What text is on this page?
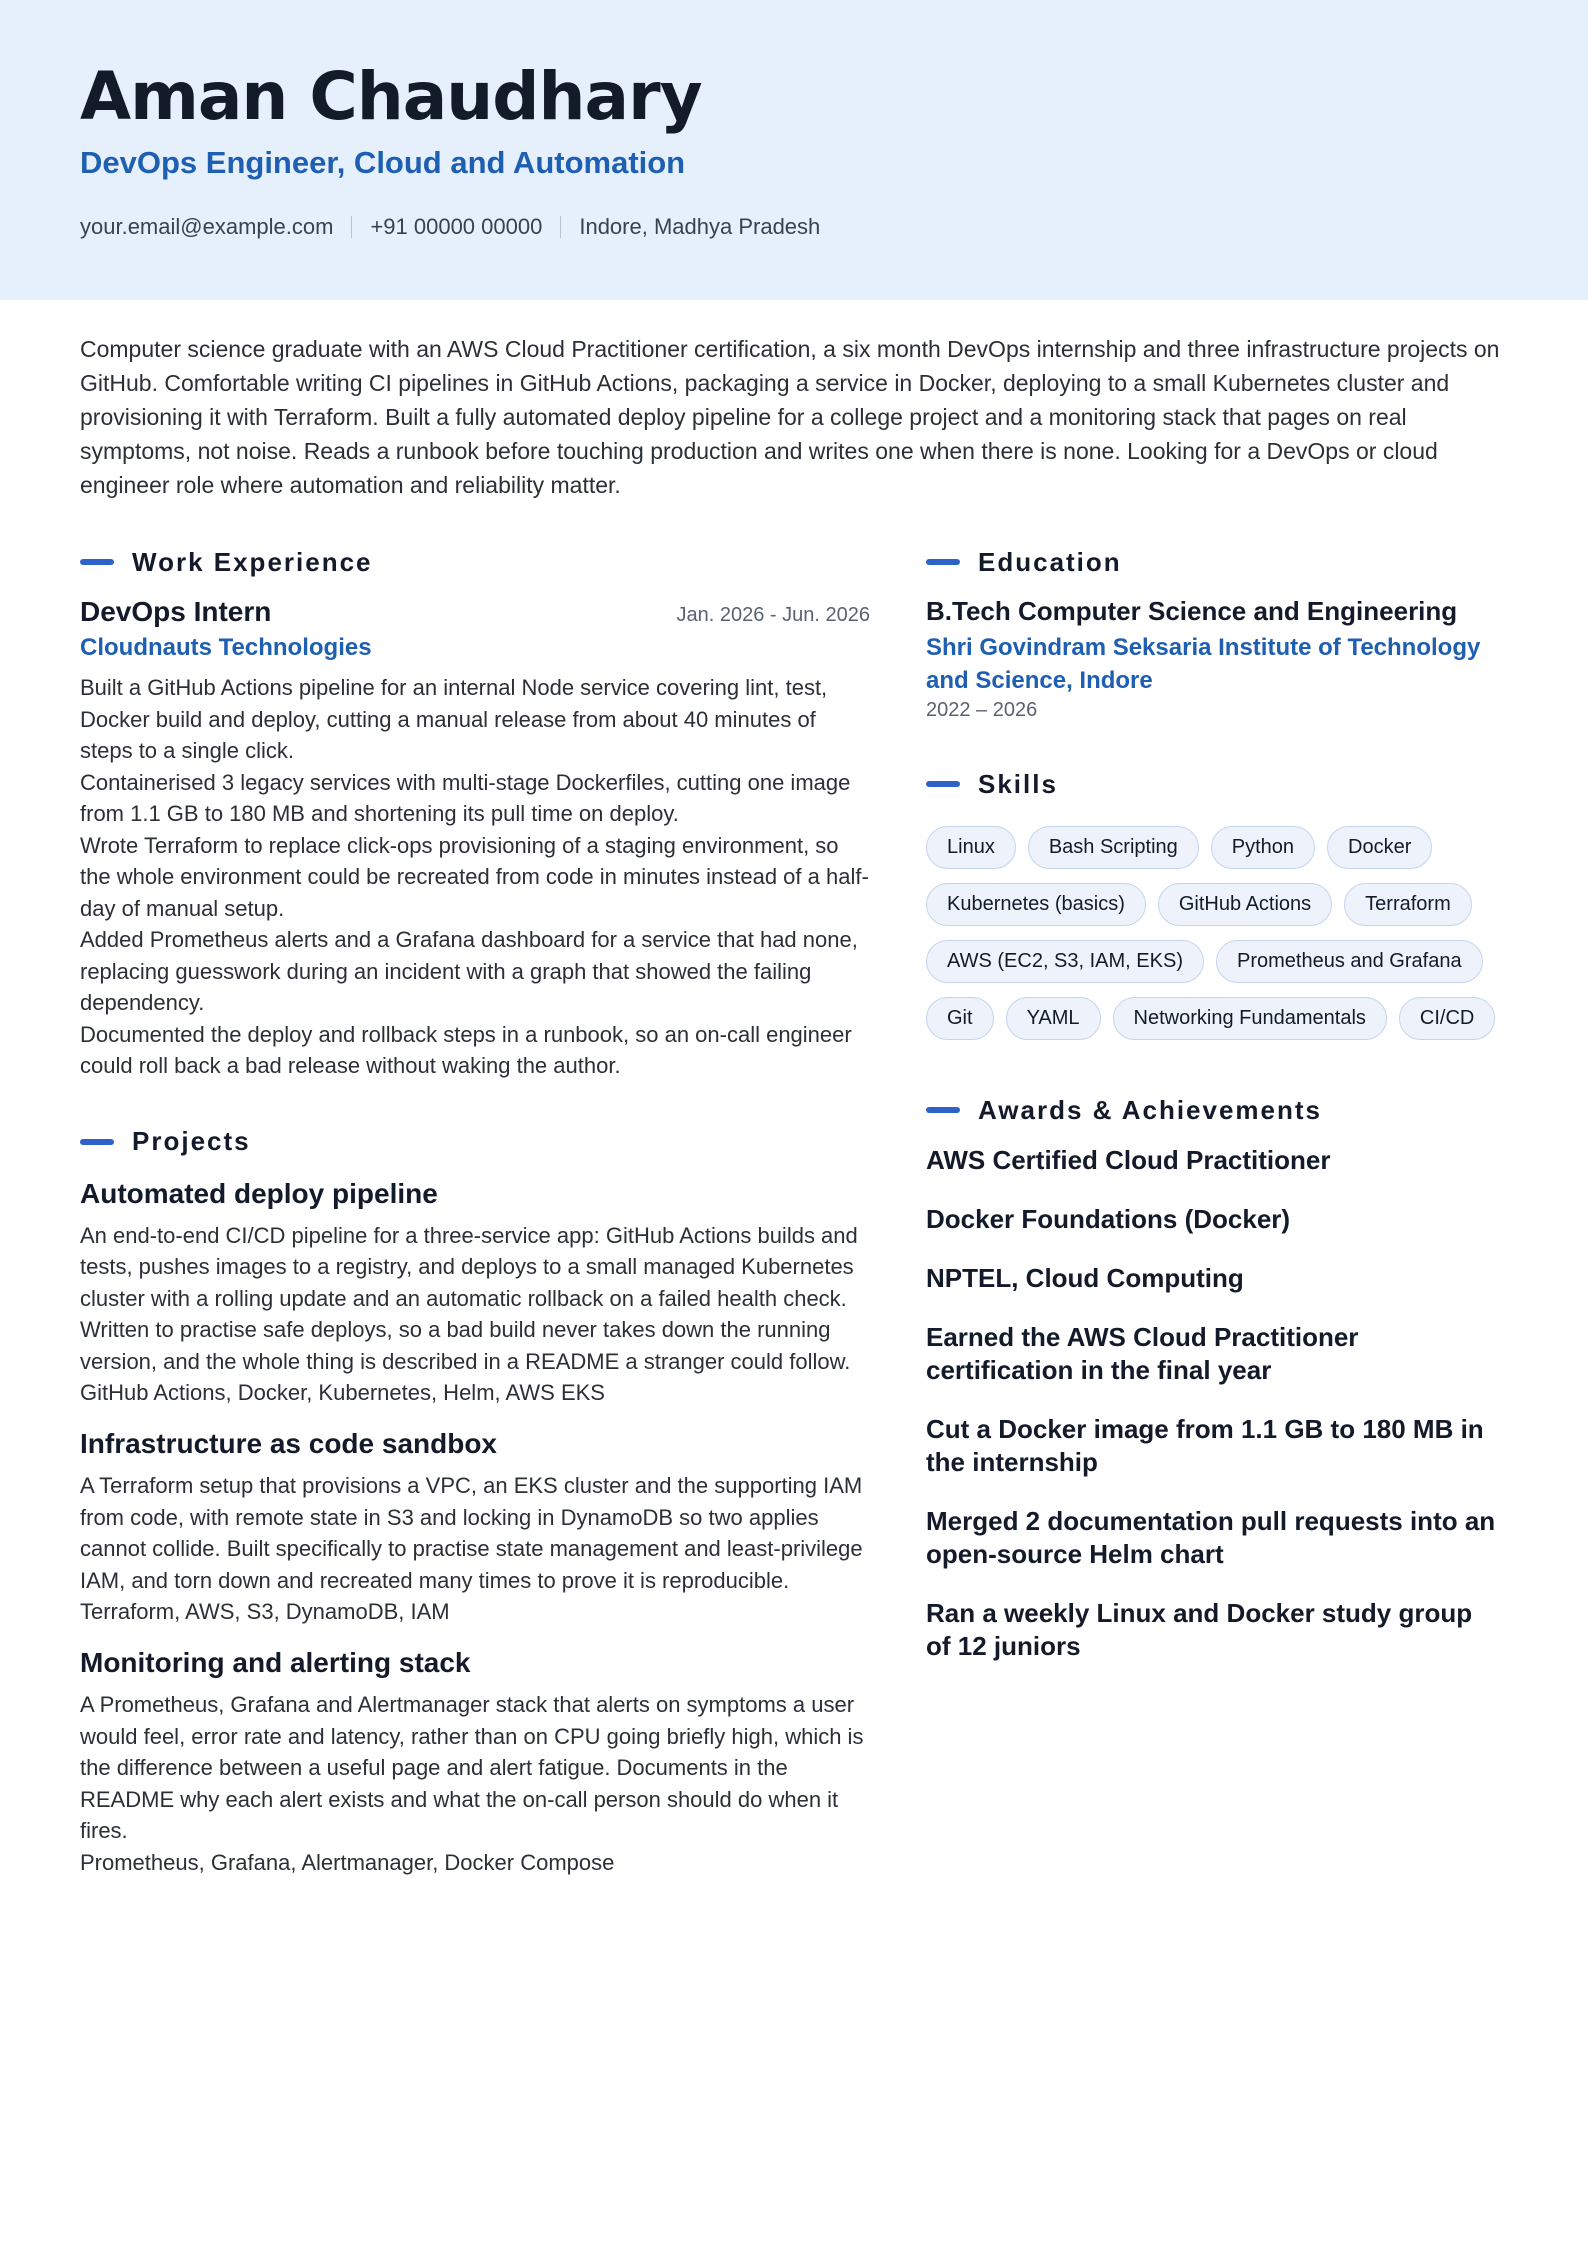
Aman Chaudhary
DevOps Engineer, Cloud and Automation
your.email@example.com +91 00000 00000 Indore, Madhya Pradesh
Computer science graduate with an AWS Cloud Practitioner certification, a six month DevOps internship and three infrastructure projects on GitHub. Comfortable writing CI pipelines in GitHub Actions, packaging a service in Docker, deploying to a small Kubernetes cluster and provisioning it with Terraform. Built a fully automated deploy pipeline for a college project and a monitoring stack that pages on real symptoms, not noise. Reads a runbook before touching production and writes one when there is none. Looking for a DevOps or cloud engineer role where automation and reliability matter.
Work Experience
DevOps Intern	Jan. 2026 - Jun. 2026
Cloudnauts Technologies
Built a GitHub Actions pipeline for an internal Node service covering lint, test, Docker build and deploy, cutting a manual release from about 40 minutes of steps to a single click.
Containerised 3 legacy services with multi-stage Dockerfiles, cutting one image from 1.1 GB to 180 MB and shortening its pull time on deploy.
Wrote Terraform to replace click-ops provisioning of a staging environment, so the whole environment could be recreated from code in minutes instead of a half-day of manual setup.
Added Prometheus alerts and a Grafana dashboard for a service that had none, replacing guesswork during an incident with a graph that showed the failing dependency.
Documented the deploy and rollback steps in a runbook, so an on-call engineer could roll back a bad release without waking the author.
Projects
Automated deploy pipeline
An end-to-end CI/CD pipeline for a three-service app: GitHub Actions builds and tests, pushes images to a registry, and deploys to a small managed Kubernetes cluster with a rolling update and an automatic rollback on a failed health check. Written to practise safe deploys, so a bad build never takes down the running version, and the whole thing is described in a README a stranger could follow.
GitHub Actions, Docker, Kubernetes, Helm, AWS EKS
Infrastructure as code sandbox
A Terraform setup that provisions a VPC, an EKS cluster and the supporting IAM from code, with remote state in S3 and locking in DynamoDB so two applies cannot collide. Built specifically to practise state management and least-privilege IAM, and torn down and recreated many times to prove it is reproducible.
Terraform, AWS, S3, DynamoDB, IAM
Monitoring and alerting stack
A Prometheus, Grafana and Alertmanager stack that alerts on symptoms a user would feel, error rate and latency, rather than on CPU going briefly high, which is the difference between a useful page and alert fatigue. Documents in the README why each alert exists and what the on-call person should do when it fires.
Prometheus, Grafana, Alertmanager, Docker Compose
Education
B.Tech Computer Science and Engineering
Shri Govindram Seksaria Institute of Technology and Science, Indore
2022 – 2026
Skills
Linux	Bash Scripting	Python	Docker
Kubernetes (basics)	GitHub Actions	Terraform
AWS (EC2, S3, IAM, EKS)	Prometheus and Grafana
Git	YAML	Networking Fundamentals	CI/CD
Awards & Achievements
AWS Certified Cloud Practitioner
Docker Foundations (Docker)
NPTEL, Cloud Computing
Earned the AWS Cloud Practitioner certification in the final year
Cut a Docker image from 1.1 GB to 180 MB in the internship
Merged 2 documentation pull requests into an open-source Helm chart
Ran a weekly Linux and Docker study group of 12 juniors
